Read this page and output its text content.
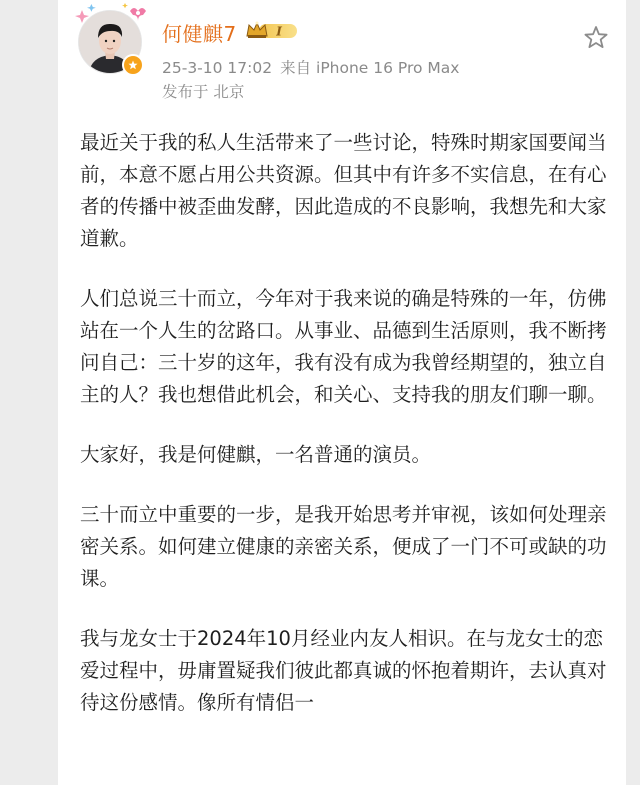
何健麒7	I
25-3-10 17:02 来自 iPhone 16 Pro Max
发布于 北京

最近关于我的私人生活带来了一些讨论，特殊时期家国要闻当前，本意不愿占用公共资源。但其中有许多不实信息，在有心者的传播中被歪曲发酵，因此造成的不良影响，我想先和大家道歉。

人们总说三十而立，今年对于我来说的确是特殊的一年，仿佛站在一个人生的岔路口。从事业、品德到生活原则，我不断拷问自己：三十岁的这年，我有没有成为我曾经期望的，独立自主的人？我也想借此机会，和关心、支持我的朋友们聊一聊。

大家好，我是何健麒，一名普通的演员。

三十而立中重要的一步，是我开始思考并审视，该如何处理亲密关系。如何建立健康的亲密关系，便成了一门不可或缺的功课。

我与龙女士于2024年10月经业内友人相识。在与龙女士的恋爱过程中，毋庸置疑我们彼此都真诚的怀抱着期许，去认真对待这份感情。像所有情侣一
